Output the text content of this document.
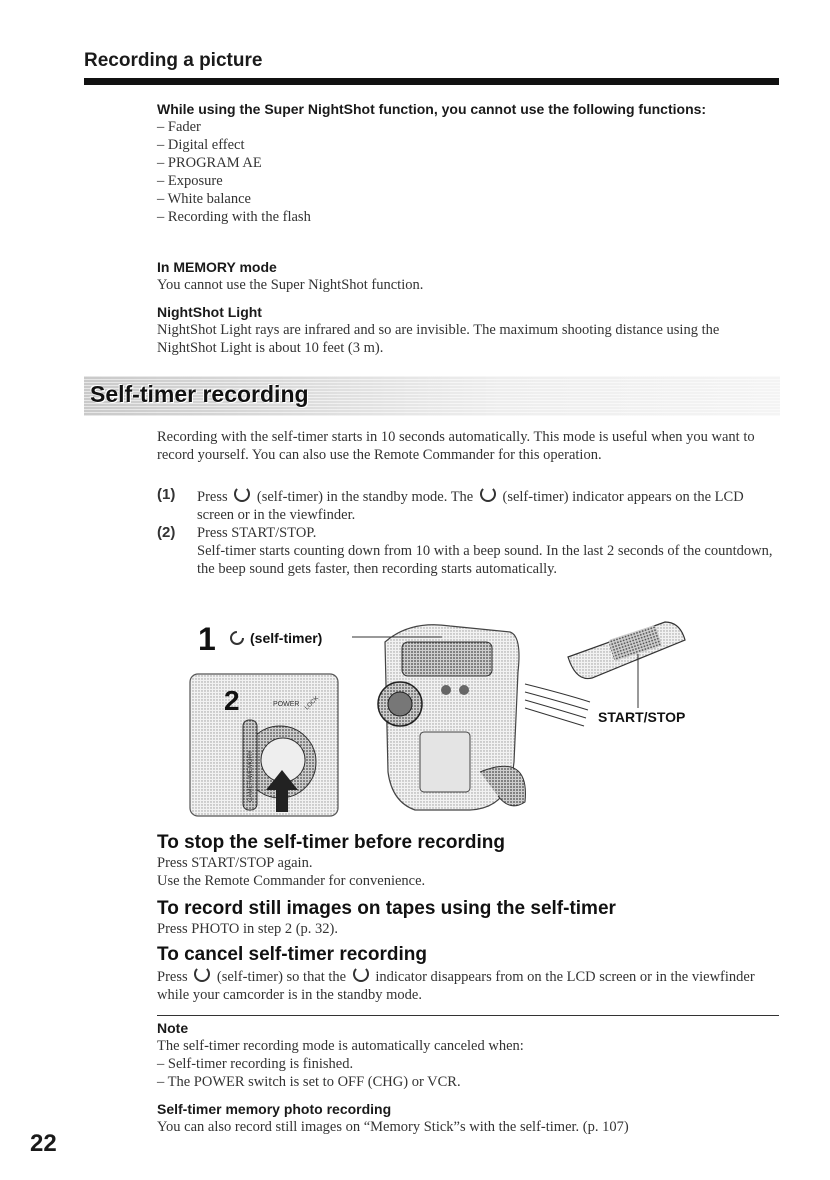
Recording a picture
While using the Super NightShot function, you cannot use the following functions:
– Fader
– Digital effect
– PROGRAM AE
– Exposure
– White balance
– Recording with the flash
In MEMORY mode
You cannot use the Super NightShot function.
NightShot Light
NightShot Light rays are infrared and so are invisible. The maximum shooting distance using the NightShot Light is about 10 feet (3 m).
Self-timer recording
Recording with the self-timer starts in 10 seconds automatically. This mode is useful when you want to record yourself. You can also use the Remote Commander for this operation.
(1) Press (self-timer) in the standby mode. The (self-timer) indicator appears on the LCD screen or in the viewfinder.
(2) Press START/STOP.
Self-timer starts counting down from 10 with a beep sound. In the last 2 seconds of the countdown, the beep sound gets faster, then recording starts automatically.
POWER LOCK
MEMORY
CAMERA
2
1 (self-timer)
START/STOP
To stop the self-timer before recording
Press START/STOP again.
Use the Remote Commander for convenience.
To record still images on tapes using the self-timer
Press PHOTO in step 2 (p. 32).
To cancel self-timer recording
Press (self-timer) so that the indicator disappears from on the LCD screen or in the viewfinder while your camcorder is in the standby mode.
Note
The self-timer recording mode is automatically canceled when:
– Self-timer recording is finished.
– The POWER switch is set to OFF (CHG) or VCR.
Self-timer memory photo recording
You can also record still images on “Memory Stick”s with the self-timer. (p. 107)
22
